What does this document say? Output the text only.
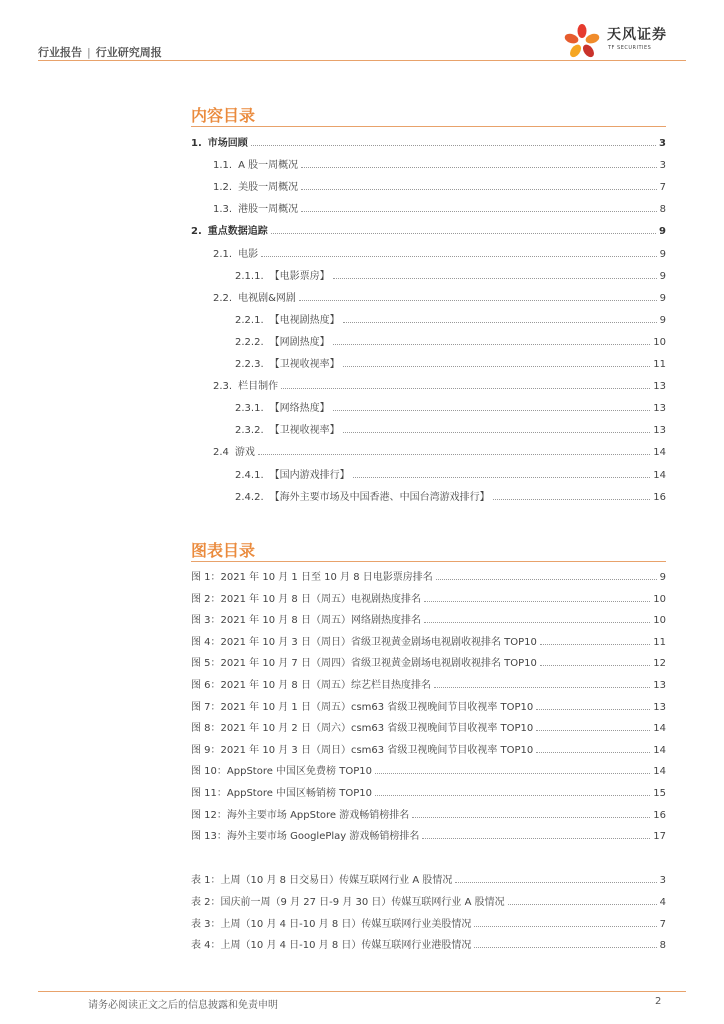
行业报告 | 行业研究周报
天风证券
TF SECURITIES
内容目录
1. 市场回顾	3
1.1. A 股一周概况	3
1.2. 美股一周概况	7
1.3. 港股一周概况	8
2. 重点数据追踪	9
2.1. 电影	9
2.1.1. 【电影票房】	9
2.2. 电视剧&网剧	9
2.2.1. 【电视剧热度】	9
2.2.2. 【网剧热度】	10
2.2.3. 【卫视收视率】	11
2.3. 栏目制作	13
2.3.1. 【网络热度】	13
2.3.2. 【卫视收视率】	13
2.4 游戏	14
2.4.1. 【国内游戏排行】	14
2.4.2. 【海外主要市场及中国香港、中国台湾游戏排行】	16
图表目录
图 1：2021 年 10 月 1 日至 10 月 8 日电影票房排名	9
图 2：2021 年 10 月 8 日（周五）电视剧热度排名	10
图 3：2021 年 10 月 8 日（周五）网络剧热度排名	10
图 4：2021 年 10 月 3 日（周日）省级卫视黄金剧场电视剧收视排名 TOP10	11
图 5：2021 年 10 月 7 日（周四）省级卫视黄金剧场电视剧收视排名 TOP10	12
图 6：2021 年 10 月 8 日（周五）综艺栏目热度排名	13
图 7：2021 年 10 月 1 日（周五）csm63 省级卫视晚间节目收视率 TOP10	13
图 8：2021 年 10 月 2 日（周六）csm63 省级卫视晚间节目收视率 TOP10	14
图 9：2021 年 10 月 3 日（周日）csm63 省级卫视晚间节目收视率 TOP10	14
图 10：AppStore 中国区免费榜 TOP10	14
图 11：AppStore 中国区畅销榜 TOP10	15
图 12：海外主要市场 AppStore 游戏畅销榜排名	16
图 13：海外主要市场 GooglePlay 游戏畅销榜排名	17
表 1：上周（10 月 8 日交易日）传媒互联网行业 A 股情况	3
表 2：国庆前一周（9 月 27 日-9 月 30 日）传媒互联网行业 A 股情况	4
表 3：上周（10 月 4 日-10 月 8 日）传媒互联网行业美股情况	7
表 4：上周（10 月 4 日-10 月 8 日）传媒互联网行业港股情况	8
请务必阅读正文之后的信息披露和免责申明	2
